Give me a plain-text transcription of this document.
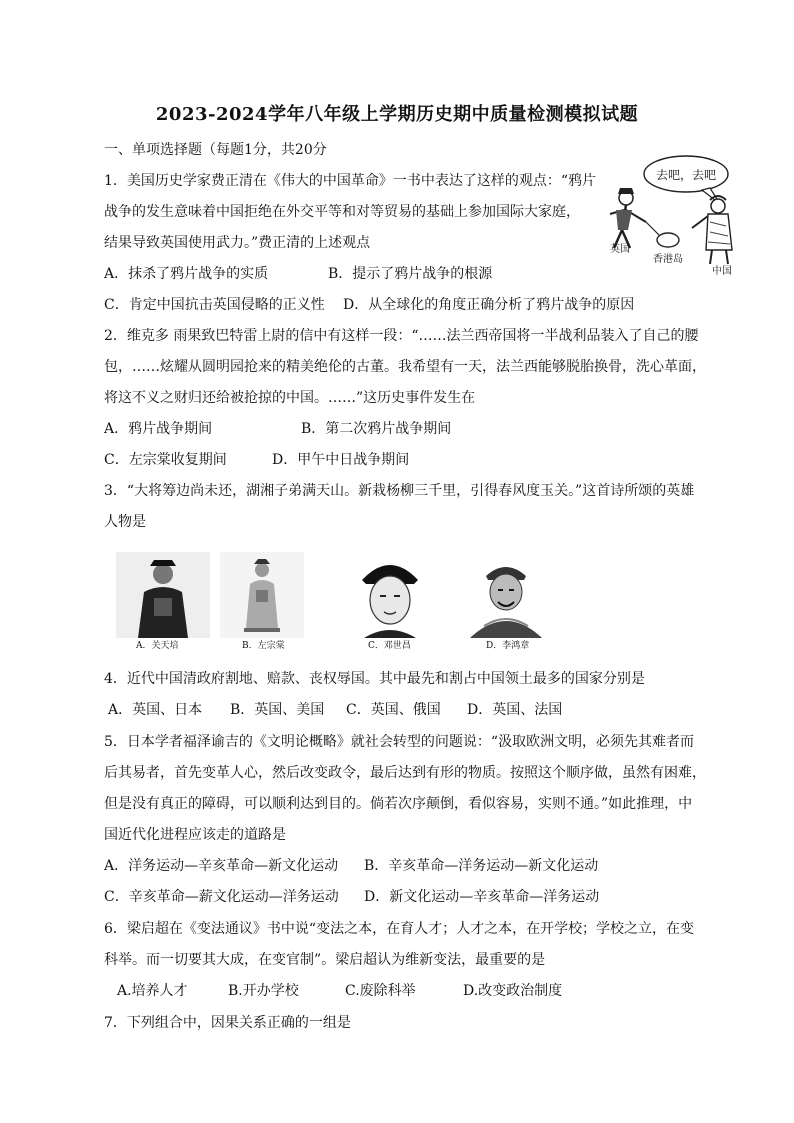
2023-2024学年八年级上学期历史期中质量检测模拟试题
一、单项选择题（每题1分，共20分
1．美国历史学家费正清在《伟大的中国革命》一书中表达了这样的观点：“鸦片
战争的发生意味着中国拒绝在外交平等和对等贸易的基础上参加国际大家庭，
结果导致英国使用武力。”费正清的上述观点
A．抹杀了鸦片战争的实质	B．提示了鸦片战争的根源
C．肯定中国抗击英国侵略的正义性 D．从全球化的角度正确分析了鸦片战争的原因
去吧，去吧
英国
香港岛
中国
2．维克多 雨果致巴特雷上尉的信中有这样一段：“……法兰西帝国将一半战利品装入了自己的腰
包，……炫耀从圆明园抢来的精美绝伦的古董。我希望有一天，法兰西能够脱胎换骨，洗心革面，
将这不义之财归还给被抢掠的中国。……”这历史事件发生在
A．鸦片战争期间	B．第二次鸦片战争期间
C．左宗棠收复期间	D．甲午中日战争期间
3．“大将筹边尚未还，湖湘子弟满天山。新栽杨柳三千里，引得春风度玉关。”这首诗所颂的英雄
人物是
A．关天培	B．左宗棠	C．邓世昌	D．李鸿章
4．近代中国清政府割地、赔款、丧权辱国。其中最先和割占中国领土最多的国家分别是
A．英国、日本 B．英国、美国 C．英国、俄国 D．英国、法国
5．日本学者福泽谕吉的《文明论概略》就社会转型的问题说：“汲取欧洲文明，必须先其难者而
后其易者，首先变革人心，然后改变政令，最后达到有形的物质。按照这个顺序做，虽然有困难，
但是没有真正的障碍，可以顺利达到目的。倘若次序颠倒，看似容易，实则不通。”如此推理，中
国近代化进程应该走的道路是
A．洋务运动—辛亥革命—新文化运动 B．辛亥革命—洋务运动—新文化运动
C．辛亥革命—薪文化运动—洋务运动 D．新文化运动—辛亥革命—洋务运动
6．梁启超在《变法通议》书中说“变法之本，在育人才；人才之本，在开学校；学校之立，在变
科举。而一切要其大成，在变官制”。梁启超认为维新变法，最重要的是
A.培养人才	B.开办学校	C.废除科举	D.改变政治制度
7．下列组合中，因果关系正确的一组是
